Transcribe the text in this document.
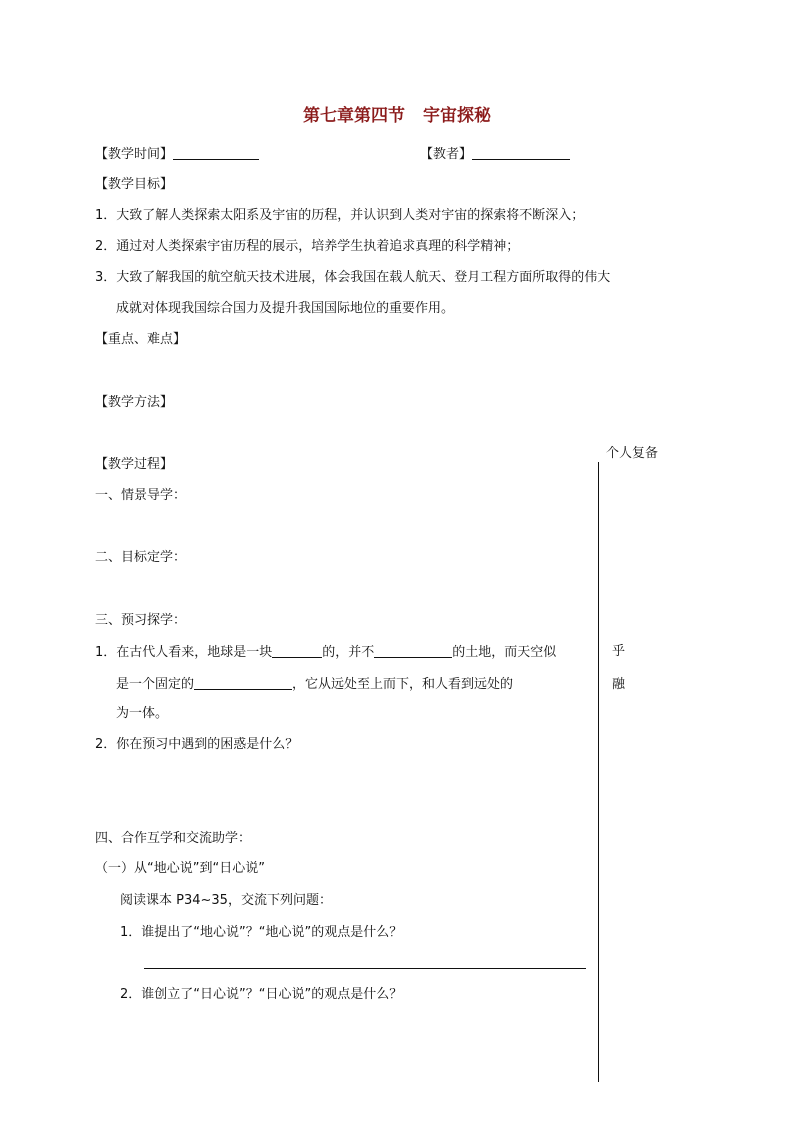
第七章第四节 宇宙探秘
【教学时间】	【教者】
【教学目标】
1．大致了解人类探索太阳系及宇宙的历程，并认识到人类对宇宙的探索将不断深入；
2．通过对人类探索宇宙历程的展示，培养学生执着追求真理的科学精神；
3．大致了解我国的航空航天技术进展，体会我国在载人航天、登月工程方面所取得的伟大
成就对体现我国综合国力及提升我国国际地位的重要作用。
【重点、难点】
【教学方法】
个人复备
乎
融
【教学过程】
一、情景导学：
二、目标定学：
三、预习探学：
1．在古代人看来，地球是一块	的，并不	的土地，而天空似
是一个固定的	，它从远处至上而下，和人看到远处的
为一体。
2．你在预习中遇到的困惑是什么？
四、合作互学和交流助学：
（一）从“地心说”到“日心说”
阅读课本 P34~35，交流下列问题：
1．谁提出了“地心说”？“地心说”的观点是什么？
2．谁创立了“日心说”？“日心说”的观点是什么？
